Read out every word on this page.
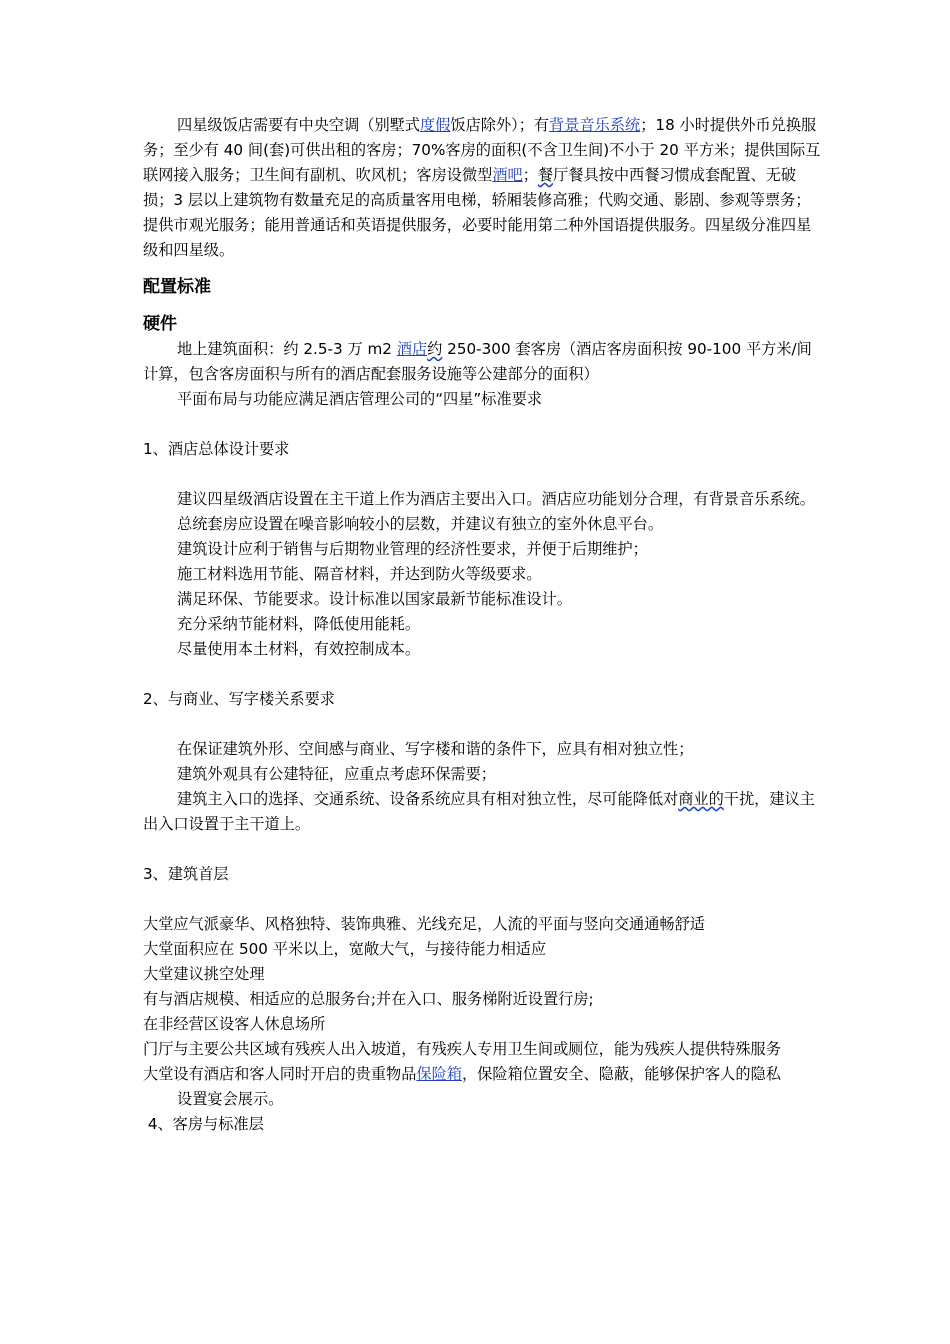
四星级饭店需要有中央空调（别墅式度假饭店除外）；有背景音乐系统；18 小时提供外币兑换服务；至少有 40 间(套)可供出租的客房；70%客房的面积(不含卫生间)不小于 20 平方米；提供国际互联网接入服务；卫生间有副机、吹风机；客房设微型酒吧；餐厅餐具按中西餐习惯成套配置、无破损；3 层以上建筑物有数量充足的高质量客用电梯，轿厢装修高雅；代购交通、影剧、参观等票务；提供市观光服务；能用普通话和英语提供服务，必要时能用第二种外国语提供服务。四星级分准四星级和四星级。

配置标准

硬件

地上建筑面积：约 2.5-3 万 m2 酒店约 250-300 套客房（酒店客房面积按 90-100 平方米/间计算，包含客房面积与所有的酒店配套服务设施等公建部分的面积）

平面布局与功能应满足酒店管理公司的“四星”标准要求

1、酒店总体设计要求

建议四星级酒店设置在主干道上作为酒店主要出入口。酒店应功能划分合理，有背景音乐系统。

总统套房应设置在噪音影响较小的层数，并建议有独立的室外休息平台。

建筑设计应利于销售与后期物业管理的经济性要求，并便于后期维护；

施工材料选用节能、隔音材料，并达到防火等级要求。

满足环保、节能要求。设计标准以国家最新节能标准设计。

充分采纳节能材料，降低使用能耗。

尽量使用本土材料，有效控制成本。

2、与商业、写字楼关系要求

在保证建筑外形、空间感与商业、写字楼和谐的条件下，应具有相对独立性；

建筑外观具有公建特征，应重点考虑环保需要；

建筑主入口的选择、交通系统、设备系统应具有相对独立性，尽可能降低对商业的干扰，建议主出入口设置于主干道上。

3、建筑首层

大堂应气派豪华、风格独特、装饰典雅、光线充足，人流的平面与竖向交通通畅舒适

大堂面积应在 500 平米以上，宽敞大气，与接待能力相适应

大堂建议挑空处理

有与酒店规模、相适应的总服务台;并在入口、服务梯附近设置行房;

在非经营区设客人休息场所

门厅与主要公共区域有残疾人出入坡道，有残疾人专用卫生间或厕位，能为残疾人提供特殊服务

大堂设有酒店和客人同时开启的贵重物品保险箱，保险箱位置安全、隐蔽，能够保护客人的隐私

设置宴会展示。

4、客房与标准层
